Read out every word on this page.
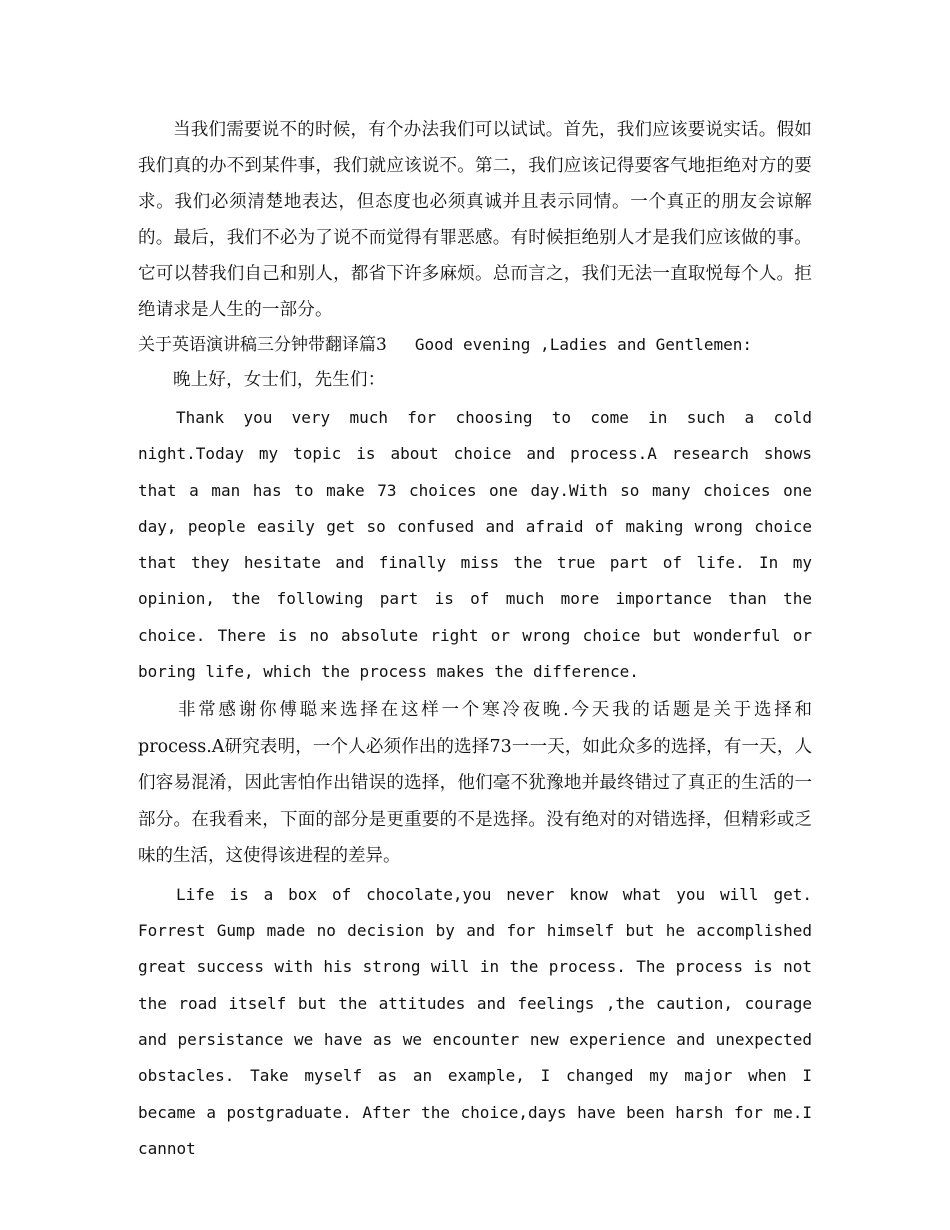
当我们需要说不的时候，有个办法我们可以试试。首先，我们应该要说实话。假如我们真的办不到某件事，我们就应该说不。第二，我们应该记得要客气地拒绝对方的要求。我们必须清楚地表达，但态度也必须真诚并且表示同情。一个真正的朋友会谅解的。最后，我们不必为了说不而觉得有罪恶感。有时候拒绝别人才是我们应该做的事。它可以替我们自己和别人，都省下许多麻烦。总而言之，我们无法一直取悦每个人。拒绝请求是人生的一部分。

关于英语演讲稿三分钟带翻译篇3 Good evening ,Ladies and Gentlemen:

晚上好，女士们，先生们：

Thank you very much for choosing to come in such a cold night.Today my topic is about choice and process.A research shows that a man has to make 73 choices one day.With so many choices one day, people easily get so confused and afraid of making wrong choice that they hesitate and finally miss the true part of life. In my opinion, the following part is of much more importance than the choice. There is no absolute right or wrong choice but wonderful or boring life, which the process makes the difference.

非常感谢你傅聪来选择在这样一个寒冷夜晚.今天我的话题是关于选择和process.A研究表明，一个人必须作出的选择73一一天，如此众多的选择，有一天，人们容易混淆，因此害怕作出错误的选择，他们毫不犹豫地并最终错过了真正的生活的一部分。在我看来，下面的部分是更重要的不是选择。没有绝对的对错选择，但精彩或乏味的生活，这使得该进程的差异。

Life is a box of chocolate,you never know what you will get. Forrest Gump made no decision by and for himself but he accomplished great success with his strong will in the process. The process is not the road itself but the attitudes and feelings ,the caution, courage and persistance we have as we encounter new experience and unexpected obstacles. Take myself as an example, I changed my major when I became a postgraduate. After the choice,days have been harsh for me.I cannot
